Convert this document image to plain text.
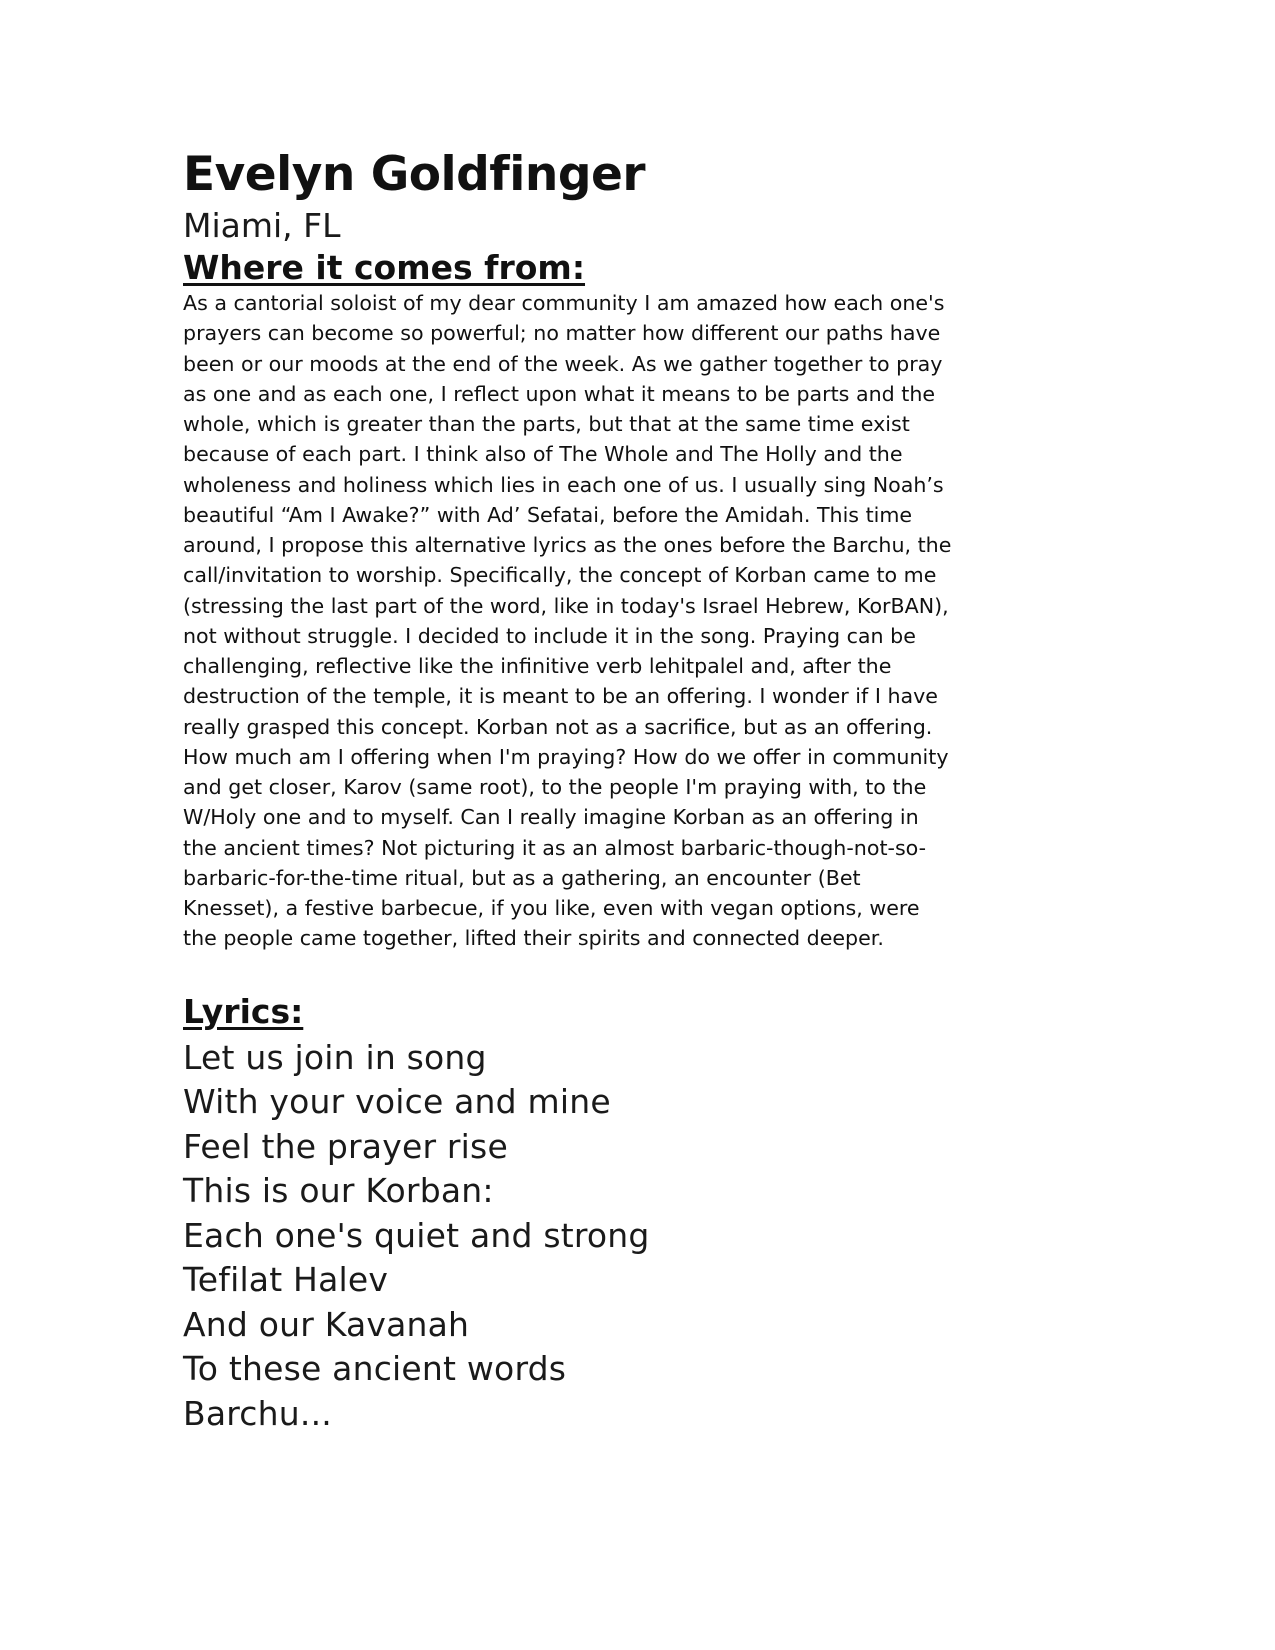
Evelyn Goldfinger
Miami, FL
Where it comes from:

As a cantorial soloist of my dear community I am amazed how each one's
prayers can become so powerful; no matter how different our paths have
been or our moods at the end of the week. As we gather together to pray
as one and as each one, I reflect upon what it means to be parts and the
whole, which is greater than the parts, but that at the same time exist
because of each part. I think also of The Whole and The Holly and the
wholeness and holiness which lies in each one of us. I usually sing Noah’s
beautiful “Am I Awake?” with Ad’ Sefatai, before the Amidah. This time
around, I propose this alternative lyrics as the ones before the Barchu, the
call/invitation to worship. Specifically, the concept of Korban came to me
(stressing the last part of the word, like in today's Israel Hebrew, KorBAN),
not without struggle. I decided to include it in the song. Praying can be
challenging, reflective like the infinitive verb lehitpalel and, after the
destruction of the temple, it is meant to be an offering. I wonder if I have
really grasped this concept. Korban not as a sacrifice, but as an offering.
How much am I offering when I'm praying? How do we offer in community
and get closer, Karov (same root), to the people I'm praying with, to the
W/Holy one and to myself. Can I really imagine Korban as an offering in
the ancient times? Not picturing it as an almost barbaric-though-not-so-
barbaric-for-the-time ritual, but as a gathering, an encounter (Bet
Knesset), a festive barbecue, if you like, even with vegan options, were
the people came together, lifted their spirits and connected deeper.

Lyrics:
Let us join in song
With your voice and mine
Feel the prayer rise
This is our Korban:
Each one's quiet and strong
Tefilat Halev
And our Kavanah
To these ancient words
Barchu...
